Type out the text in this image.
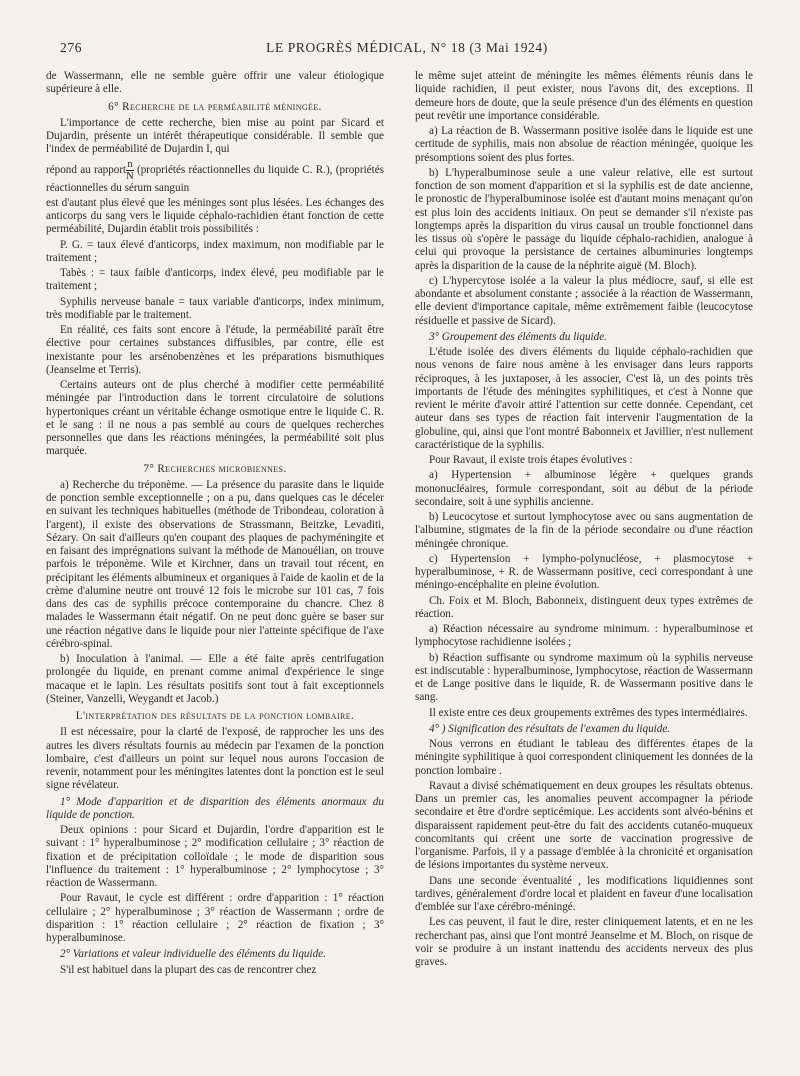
276	LE PROGRÈS MÉDICAL, N° 18 (3 Mai 1924)

de Wassermann, elle ne semble guère offrir une valeur étiologique supérieure à elle.

6° Recherche de la perméabilité méningée.

L'importance de cette recherche, bien mise au point par Sicard et Dujardin, présente un intérêt thérapeutique considérable. Il semble que l'index de perméabilité de Dujardin I, qui

répond au rapport $\frac{n}{N}$ (propriétés réactionnelles du liquide C. R.), (propriétés réactionnelles du sérum sanguin

est d'autant plus élevé que les méninges sont plus lésées. Les échanges des anticorps du sang vers le liquide céphalo-rachidien étant fonction de cette perméabilité, Dujardin établit trois possibilités :

P. G. = taux élevé d'anticorps, index maximum, non modifiable par le traitement ;

Tabès : = taux faible d'anticorps, index élevé, peu modifiable par le traitement ;

Syphilis nerveuse banale = taux variable d'anticorps, index minimum, très modifiable par le traitement.

En réalité, ces faits sont encore à l'étude, la perméabilité paraît être élective pour certaines substances diffusibles, par contre, elle est inexistante pour les arsénobenzènes et les préparations bismuthiques (Jeanselme et Terris).

Certains auteurs ont de plus cherché à modifier cette perméabilité méningée par l'introduction dans le torrent circulatoire de solutions hypertoniques créant un véritable échange osmotique entre le liquide C. R. et le sang : il ne nous a pas semblé au cours de quelques recherches personnelles que dans les réactions méningées, la perméabilité soit plus marquée.

7° Recherches microbiennes.

a) Recherche du tréponème. — La présence du parasite dans le liquide de ponction semble exceptionnelle ; on a pu, dans quelques cas le déceler en suivant les techniques habituelles (méthode de Tribondeau, coloration à l'argent), il existe des observations de Strassmann, Beitzke, Levaditi, Sézary. On sait d'ailleurs qu'en coupant des plaques de pachyméningite et en faisant des imprégnations suivant la méthode de Manouélian, on trouve parfois le tréponème. Wile et Kirchner, dans un travail tout récent, en précipitant les éléments albumineux et organiques à l'aide de kaolin et de la crème d'alumine neutre ont trouvé 12 fois le microbe sur 101 cas, 7 fois dans des cas de syphilis précoce contemporaine du chancre. Chez 8 malades le Wassermann était négatif. On ne peut donc guère se baser sur une réaction négative dans le liquide pour nier l'atteinte spécifique de l'axe cérébro-spinal.

b) Inoculation à l'animal. — Elle a été faite après centrifugation prolongée du liquide, en prenant comme animal d'expérience le singe macaque et le lapin. Les résultats positifs sont tout à fait exceptionnels (Steiner, Vanzelli, Weygandt et Jacob.)

L'interprétation des résultats de la ponction lombaire.

Il est nécessaire, pour la clarté de l'exposé, de rapprocher les uns des autres les divers résultats fournis au médecin par l'examen de la ponction lombaire, c'est d'ailleurs un point sur lequel nous aurons l'occasion de revenir, notamment pour les méningites latentes dont la ponction est le seul signe révélateur.

1° Mode d'apparition et de disparition des éléments anormaux du liquide de ponction.

Deux opinions : pour Sicard et Dujardin, l'ordre d'apparition est le suivant : 1° hyperalbuminose ; 2° modification cellulaire ; 3° réaction de fixation et de précipitation colloïdale ; le mode de disparition sous l'influence du traitement : 1° hyperalbuminose ; 2° lymphocytose ; 3° réaction de Wassermann.

Pour Ravaut, le cycle est différent : ordre d'apparition : 1° réaction cellulaire ; 2° hyperalbuminose ; 3° réaction de Wassermann ; ordre de disparition : 1° réaction cellulaire ; 2° réaction de fixation ; 3° hyperalbuminose.

2° Variations et valeur individuelle des éléments du liquide.

S'il est habituel dans la plupart des cas de rencontrer chez

le même sujet atteint de méningite les mêmes éléments réunis dans le liquide rachidien, il peut exister, nous l'avons dit, des exceptions. Il demeure hors de doute, que la seule présence d'un des éléments en question peut revêtir une importance considérable.

a) La réaction de B. Wassermann positive isolée dans le liquide est une certitude de syphilis, mais non absolue de réaction méningée, quoique les présomptions soient des plus fortes.

b) L'hyperalbuminose seule a une valeur relative, elle est surtout fonction de son moment d'apparition et si la syphilis est de date ancienne, le pronostic de l'hyperalbuminose isolée est d'autant moins menaçant qu'on est plus loin des accidents initiaux. On peut se demander s'il n'existe pas longtemps après la disparition du virus causal un trouble fonctionnel dans les tissus où s'opère le passage du liquide céphalo-rachidien, analogue à celui qui provoque la persistance de certaines albuminuries longtemps après la disparition de la cause de la néphrite aiguë (M. Bloch).

c) L'hypercytose isolée a la valeur la plus médiocre, sauf, si elle est abondante et absolument constante ; associée à la réaction de Wassermann, elle devient d'importance capitale, même extrêmement faible (leucocytose résiduelle et passive de Sicard).

3° Groupement des éléments du liquide.

L'étude isolée des divers éléments du liquide céphalo-rachidien que nous venons de faire nous amène à les envisager dans leurs rapports réciproques, à les juxtaposer, à les associer, C'est là, un des points très importants de l'étude des méningites syphilitiques, et c'est à Nonne que revient le mérite d'avoir attiré l'attention sur cette donnée. Cependant, cet auteur dans ses types de réaction fait intervenir l'augmentation de la globuline, qui, ainsi que l'ont montré Babonneix et Javillier, n'est nullement caractéristique de la syphilis.

Pour Ravaut, il existe trois étapes évolutives :

a) Hypertension + albuminose légère + quelques grands mononucléaires, formule correspondant, soit au début de la période secondaire, soit à une syphilis ancienne.

b) Leucocytose et surtout lymphocytose avec ou sans augmentation de l'albumine, stigmates de la fin de la période secondaire ou d'une réaction méningée chronique.

c) Hypertension + lympho-polynucléose, + plasmocytose + hyperalbuminose, + R. de Wassermann positive, ceci correspondant à une méningo-encéphalite en pleine évolution.

Ch. Foix et M. Bloch, Babonneix, distinguent deux types extrêmes de réaction.

a) Réaction nécessaire au syndrome minimum. : hyperalbuminose et lymphocytose rachidienne isolées ;

b) Réaction suffisante ou syndrome maximum où la syphilis nerveuse est indiscutable : hyperalbuminose, lymphocytose, réaction de Wassermann et de Lange positive dans le liquide, R. de Wassermann positive dans le sang.

Il existe entre ces deux groupements extrêmes des types intermédiaires.

4° ) Signification des résultats de l'examen du liquide.

Nous verrons en étudiant le tableau des différentes étapes de la méningite syphilitique à quoi correspondent cliniquement les données de la ponction lombaire .

Ravaut a divisé schématiquement en deux groupes les résultats obtenus. Dans un premier cas, les anomalies peuvent accompagner la période secondaire et être d'ordre septicémique. Les accidents sont alvéo-bénins et disparaissent rapidement peut-être du fait des accidents cutanéo-muqueux concomitants qui créent une sorte de vaccination progressive de l'organisme. Parfois, il y a passage d'emblée à la chronicité et organisation de lésions importantes du système nerveux.

Dans une seconde éventualité , les modifications liquidiennes sont tardives, généralement d'ordre local et plaident en faveur d'une localisation d'emblée sur l'axe cérébro-méningé.

Les cas peuvent, il faut le dire, rester cliniquement latents, et en ne les recherchant pas, ainsi que l'ont montré Jeanselme et M. Bloch, on risque de voir se produire à un instant inattendu des accidents nerveux des plus graves.
